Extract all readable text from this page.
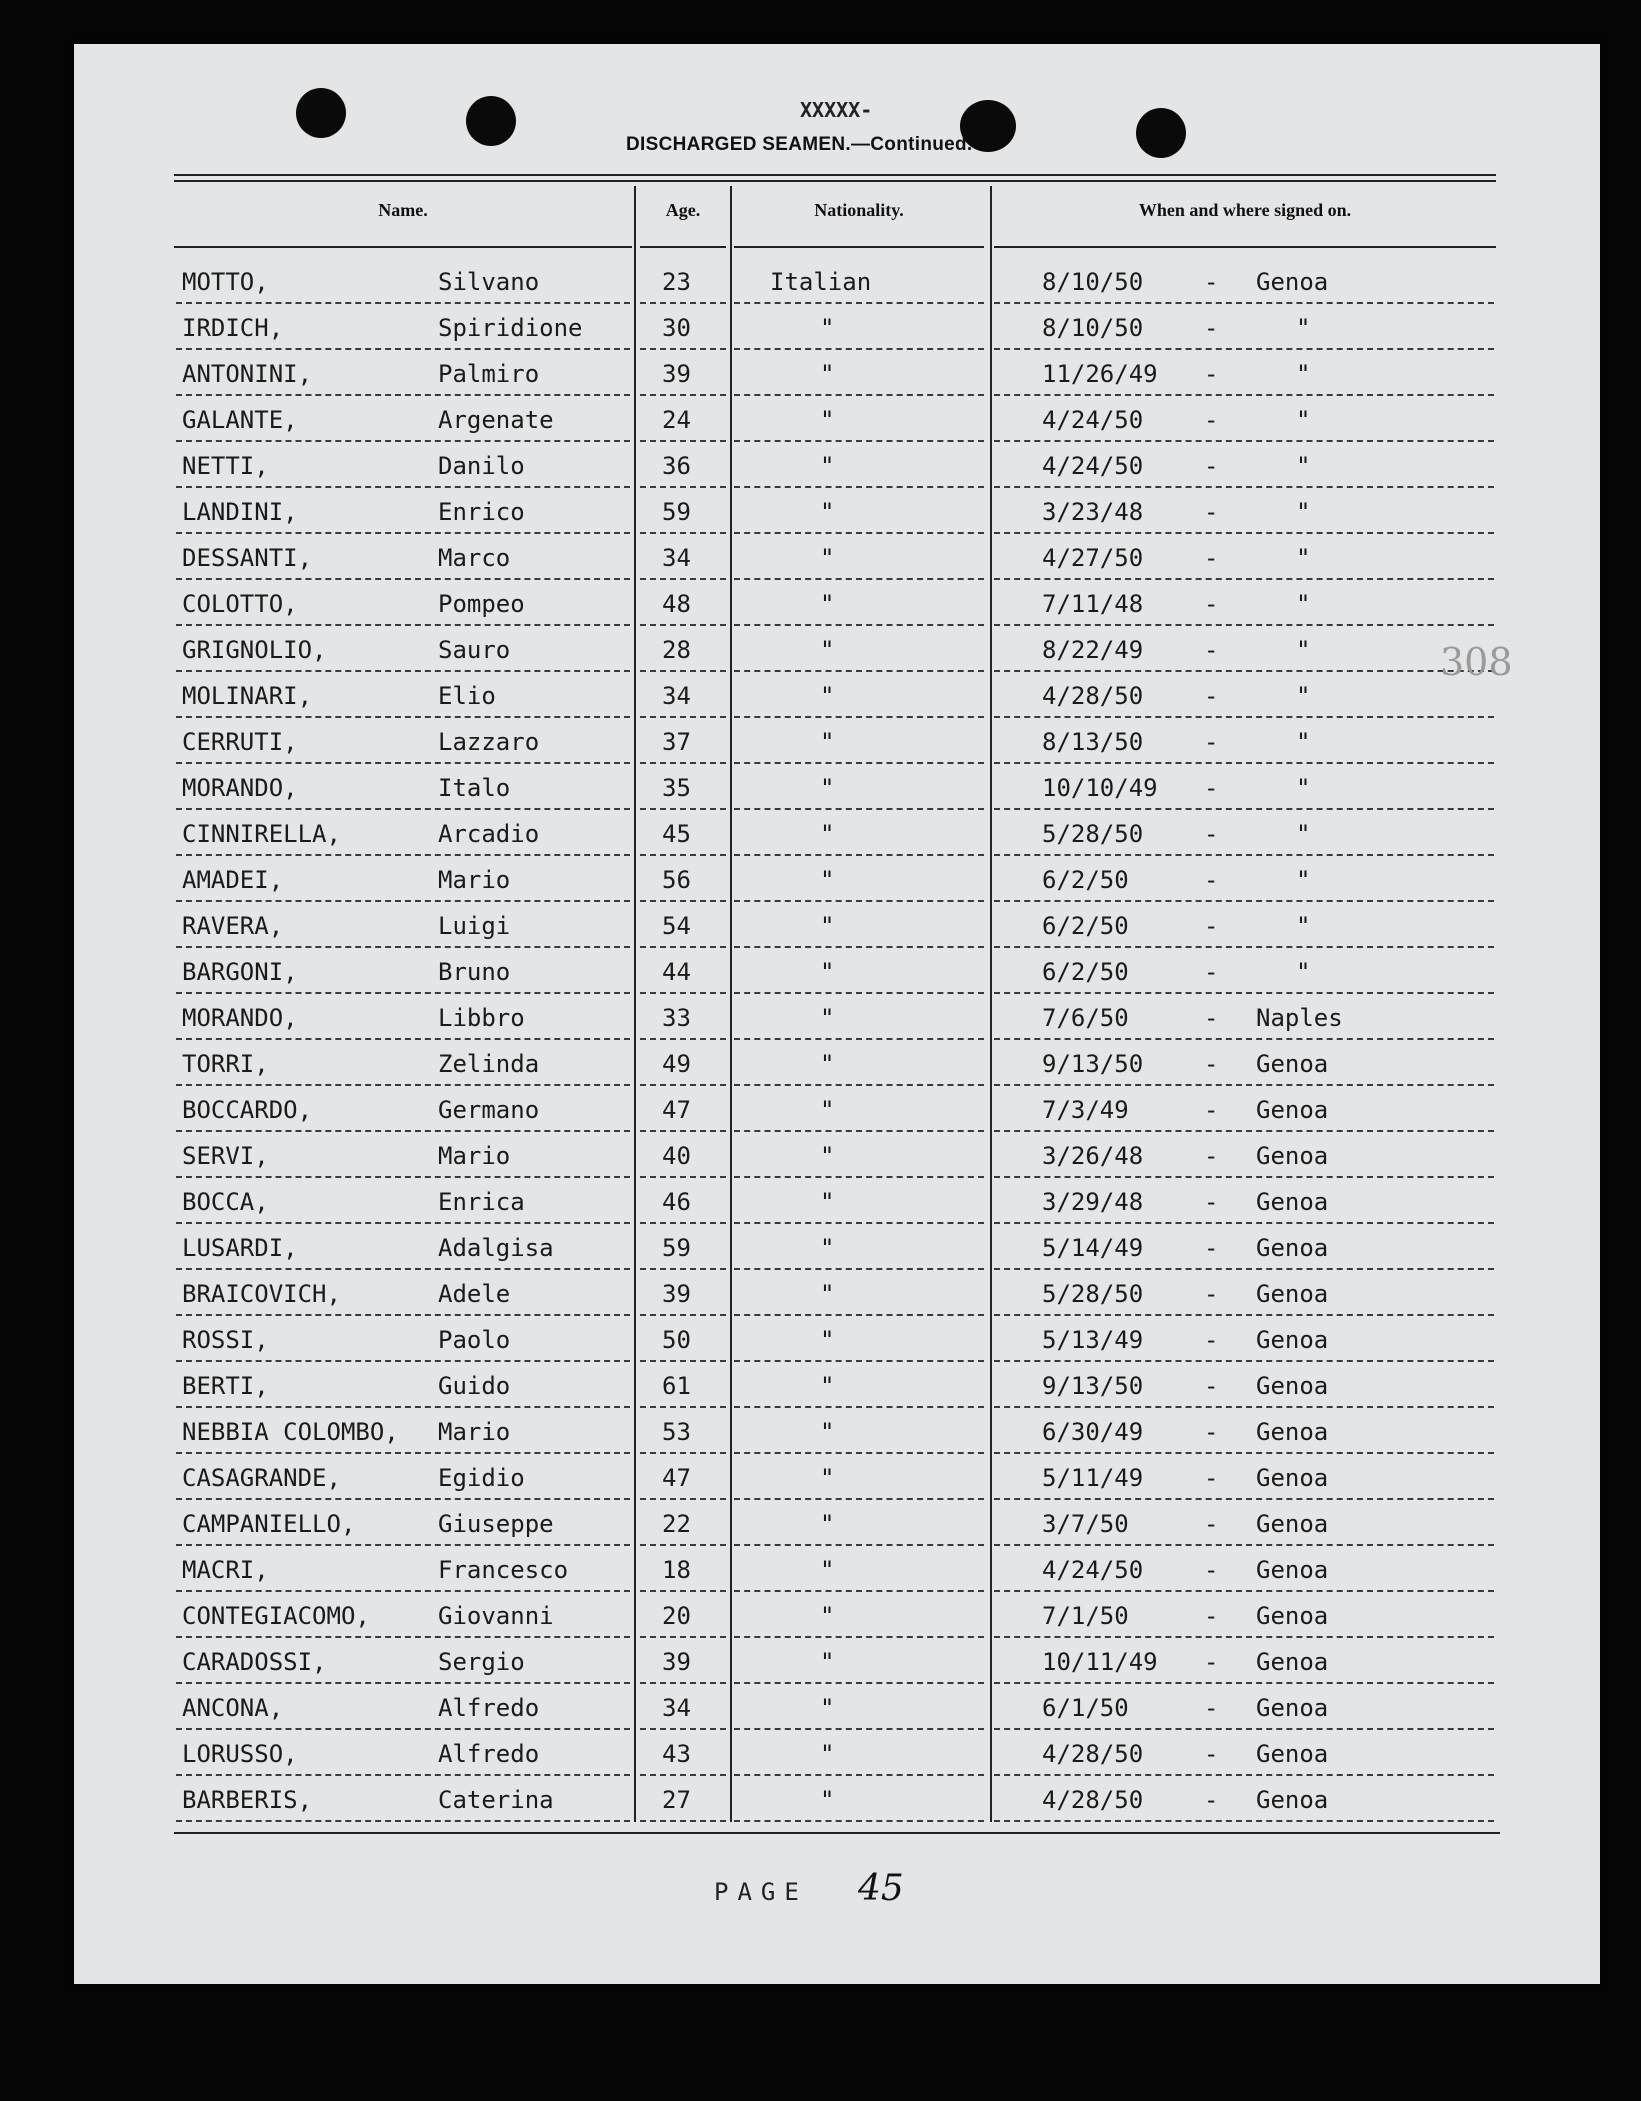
XXXXX-
DISCHARGED SEAMEN.—Continued.
Name.	Age.	Nationality.	When and where signed on.
MOTTO,	Silvano	23	Italian	8/10/50	- Genoa
IRDICH,	Spiridione	30	"	8/10/50	-	"
ANTONINI,	Palmiro	39	"	11/26/49 -	"
GALANTE,	Argenate	24	"	4/24/50	-	"
NETTI,	Danilo	36	"	4/24/50	-	"
LANDINI,	Enrico	59	"	3/23/48	-	"
DESSANTI,	Marco	34	"	4/27/50	-	"
COLOTTO,	Pompeo	48	"	7/11/48	-	"
GRIGNOLIO,	Sauro	28	"	8/22/49	-	"
MOLINARI,	Elio	34	"	4/28/50	-	"
CERRUTI,	Lazzaro	37	"	8/13/50	-	"
MORANDO,	Italo	35	"	10/10/49 -	"
CINNIRELLA,	Arcadio	45	"	5/28/50	-	"
AMADEI,	Mario	56	"	6/2/50	-	"
RAVERA,	Luigi	54	"	6/2/50	-	"
BARGONI,	Bruno	44	"	6/2/50	-	"
MORANDO,	Libbro	33	"	7/6/50	- Naples
TORRI,	Zelinda	49	"	9/13/50	- Genoa
BOCCARDO,	Germano	47	"	7/3/49	- Genoa
SERVI,	Mario	40	"	3/26/48	- Genoa
BOCCA,	Enrica	46	"	3/29/48	- Genoa
LUSARDI,	Adalgisa	59	"	5/14/49	- Genoa
BRAICOVICH,	Adele	39	"	5/28/50	- Genoa
ROSSI,	Paolo	50	"	5/13/49	- Genoa
BERTI,	Guido	61	"	9/13/50	- Genoa
NEBBIA COLOMBO, Mario	53	"	6/30/49	- Genoa
CASAGRANDE,	Egidio	47	"	5/11/49	- Genoa
CAMPANIELLO,	Giuseppe	22	"	3/7/50	- Genoa
MACRI,	Francesco	18	"	4/24/50	- Genoa
CONTEGIACOMO,	Giovanni	20	"	7/1/50	- Genoa
CARADOSSI,	Sergio	39	"	10/11/49 - Genoa
ANCONA,	Alfredo	34	"	6/1/50	- Genoa
LORUSSO,	Alfredo	43	"	4/28/50	- Genoa
BARBERIS,	Caterina	27	"	4/28/50	- Genoa
308
PAGE 45
